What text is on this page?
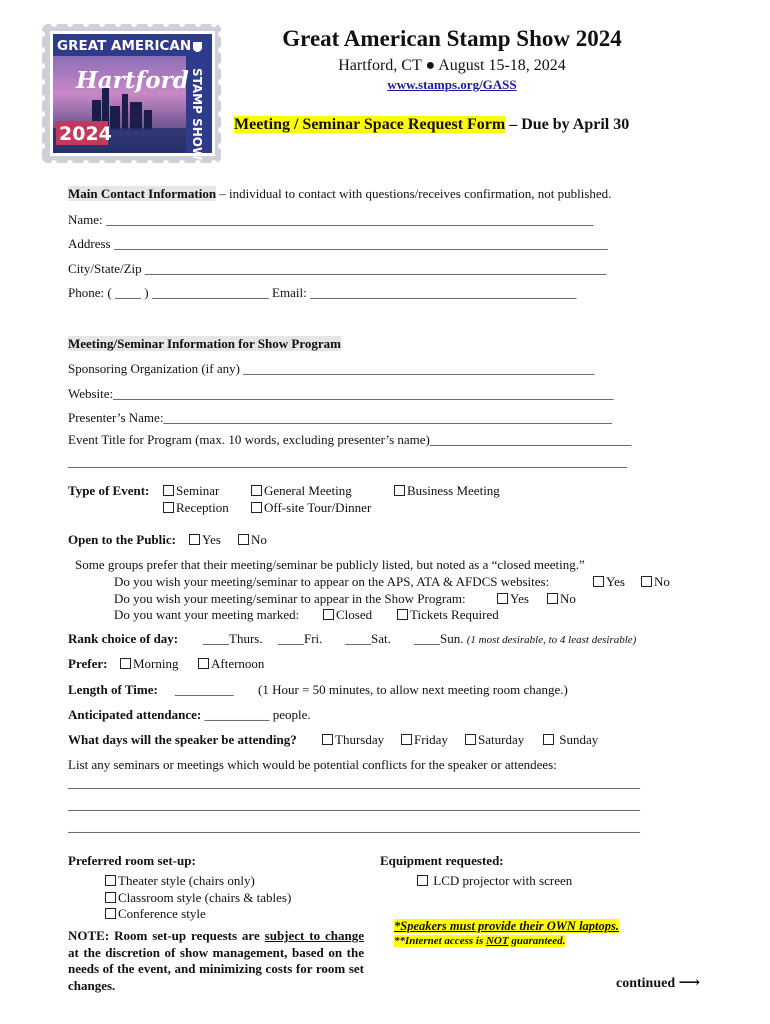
GREAT AMERICAN
Hartford
2024	STAMP SHOW
Great American Stamp Show 2024
Hartford, CT ● August 15-18, 2024
www.stamps.org/GASS
Meeting / Seminar Space Request Form – Due by April 30
Main Contact Information – individual to contact with questions/receives confirmation, not published.
Name: ___________________________________________________________________________
Address ____________________________________________________________________________
City/State/Zip _______________________________________________________________________
Phone: ( ____ ) __________________ Email: _________________________________________
Meeting/Seminar Information for Show Program
Sponsoring Organization (if any) ______________________________________________________
Website:_____________________________________________________________________________
Presenter’s Name:_____________________________________________________________________
Event Title for Program (max. 10 words, excluding presenter’s name)_______________________________
______________________________________________________________________________________
Type of Event:	Seminar	General Meeting	Business Meeting
Reception	Off-site Tour/Dinner
Open to the Public:	Yes	No
Some groups prefer that their meeting/seminar be publicly listed, but noted as a “closed meeting.”
Do you wish your meeting/seminar to appear on the APS, ATA & AFDCS websites:	Yes	No
Do you wish your meeting/seminar to appear in the Show Program:	Yes	No
Do you want your meeting marked:	Closed	Tickets Required
Rank choice of day: ____Thurs. ____Fri. ____Sat. ____Sun. (1 most desirable, to 4 least desirable)
Prefer:	Morning	Afternoon
Length of Time: _________ (1 Hour = 50 minutes, to allow next meeting room change.)
Anticipated attendance: __________ people.
What days will the speaker be attending?	Thursday	Friday	Saturday	Sunday
List any seminars or meetings which would be potential conflicts for the speaker or attendees:
________________________________________________________________________________________
________________________________________________________________________________________
________________________________________________________________________________________
Preferred room set-up:
Theater style (chairs only)
Classroom style (chairs & tables)
Conference style
NOTE: Room set-up requests are subject to change at the discretion of show management, based on the needs of the event, and minimizing costs for room set changes.
Equipment requested:
LCD projector with screen
*Speakers must provide their OWN laptops.
**Internet access is NOT guaranteed.
continued ⟶
